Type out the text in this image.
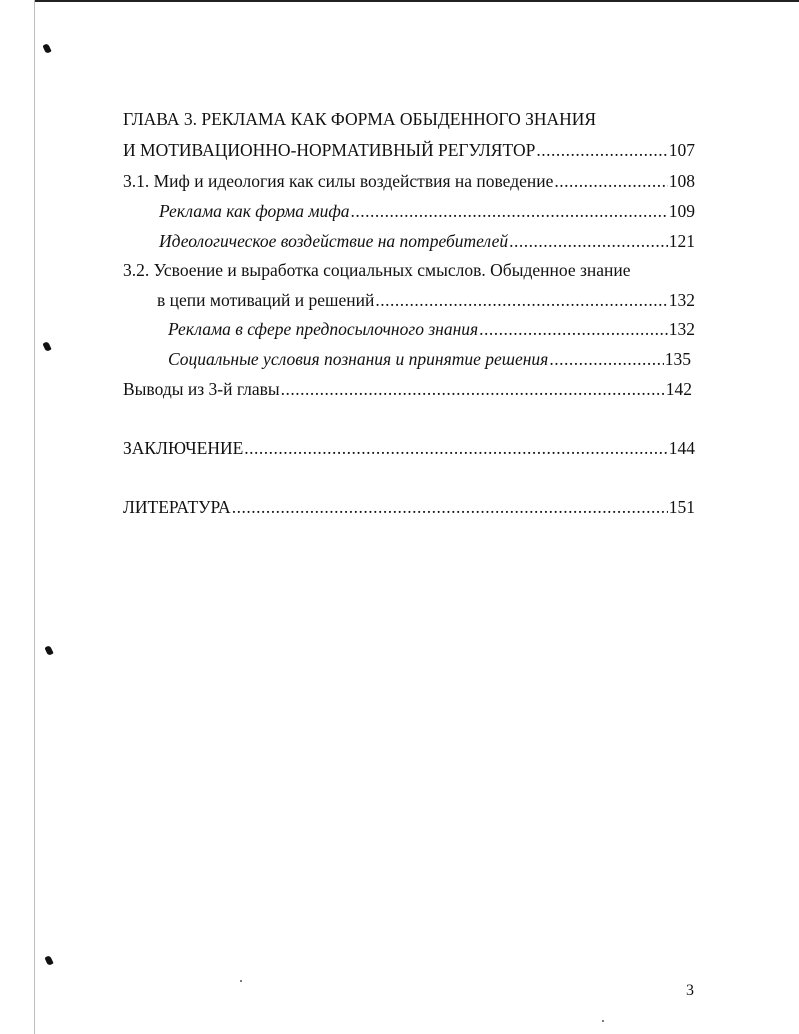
ГЛАВА 3. РЕКЛАМА КАК ФОРМА ОБЫДЕННОГО ЗНАНИЯ
И МОТИВАЦИОННО-НОРМАТИВНЫЙ РЕГУЛЯТОР .....	107
3.1. Миф и идеология как силы воздействия на поведение .....	108
Реклама как форма мифа .....	109
Идеологическое воздействие на потребителей .....	121
3.2. Усвоение и выработка социальных смыслов. Обыденное знание
в цепи мотиваций и решений .....	132
Реклама в сфере предпосылочного знания .....	132
Социальные условия познания и принятие решения .....	135
Выводы из 3-й главы .....	142
ЗАКЛЮЧЕНИЕ .....	144
ЛИТЕРАТУРА .....	151
3
